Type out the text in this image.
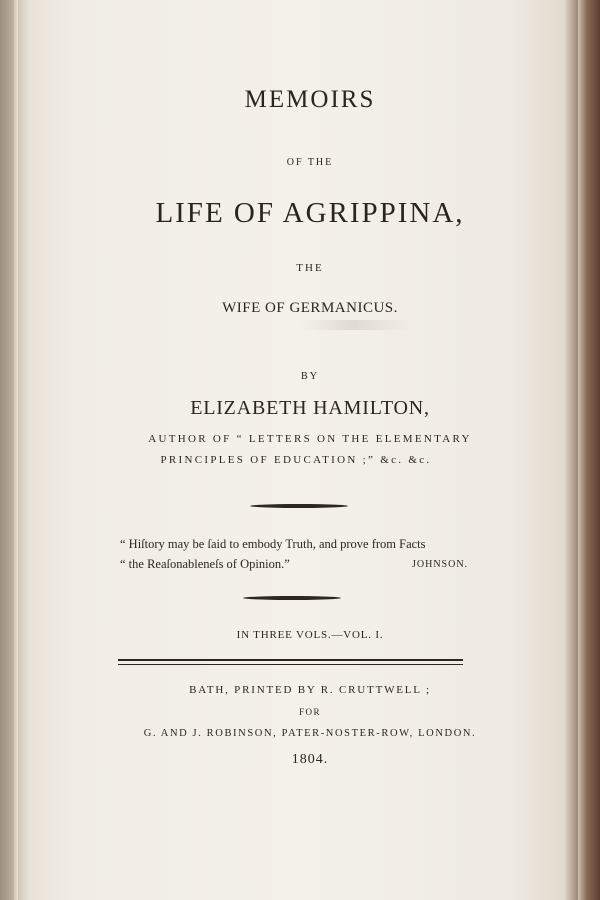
MEMOIRS
OF THE
LIFE OF AGRIPPINA,
THE
WIFE OF GERMANICUS.
BY
ELIZABETH HAMILTON,
AUTHOR OF “ LETTERS ON THE ELEMENTARY
PRINCIPLES OF EDUCATION ;” &c. &c.
“ Hiſtory may be ſaid to embody Truth, and prove from Facts
“ the Reaſonableneſs of Opinion.”	JOHNSON.
IN THREE VOLS.—VOL. I.
BATH, PRINTED BY R. CRUTTWELL ;
FOR
G. AND J. ROBINSON, PATER-NOSTER-ROW, LONDON.
1804.
